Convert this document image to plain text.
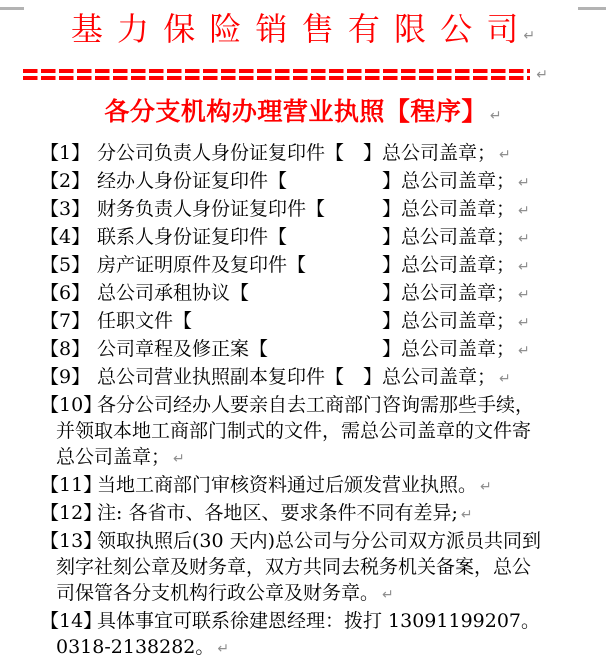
基 力 保 险 销 售 有 限 公 司 ↵
↵
各分支机构办理营业执照【程序】 ↵
【1】 分公司负责人身份证复印件【　】总公司盖章； ↵
【2】 经办人身份证复印件【　　　　　】总公司盖章； ↵
【3】 财务负责人身份证复印件【　　　】总公司盖章； ↵
【4】 联系人身份证复印件【　　　　　】总公司盖章； ↵
【5】 房产证明原件及复印件【　　　　】总公司盖章； ↵
【6】 总公司承租协议【　　　　　　　】总公司盖章； ↵
【7】 任职文件【　　　　　　　　　　】总公司盖章； ↵
【8】 公司章程及修正案【　　　　　　】总公司盖章； ↵
【9】 总公司营业执照副本复印件【　】总公司盖章； ↵
【10】各分公司经办人要亲自去工商部门咨询需那些手续，
并领取本地工商部门制式的文件，需总公司盖章的文件寄
总公司盖章； ↵
【11】当地工商部门审核资料通过后颁发营业执照。 ↵
【12】注: 各省市、各地区、要求条件不同有差异; ↵
【13】领取执照后(30 天内)总公司与分公司双方派员共同到
刻字社刻公章及财务章，双方共同去税务机关备案，总公
司保管各分支机构行政公章及财务章。 ↵
【14】具体事宜可联系徐建恩经理：拨打 13091199207。
0318-2138282。 ↵
